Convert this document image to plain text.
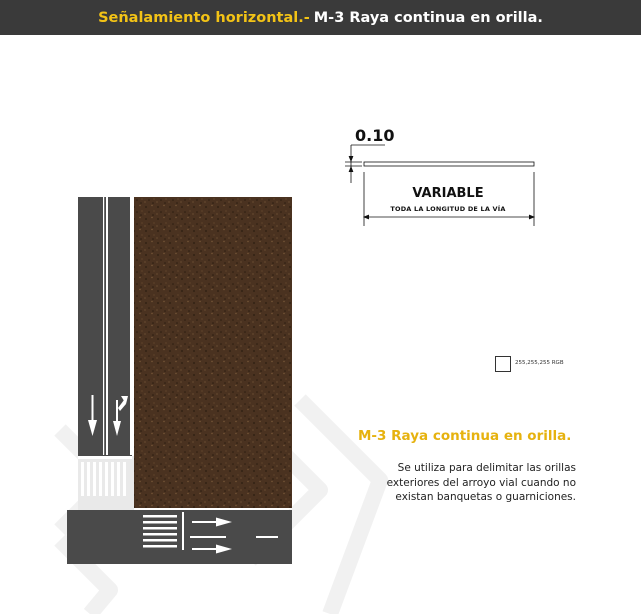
Señalamiento horizontal.- M-3 Raya continua en orilla.
0.10
VARIABLE
TODA LA LONGITUD DE LA VÍA
255,255,255 RGB
M-3 Raya continua en orilla.
Se utiliza para delimitar las orillas exteriores del arroyo vial cuando no existan banquetas o guarniciones.
